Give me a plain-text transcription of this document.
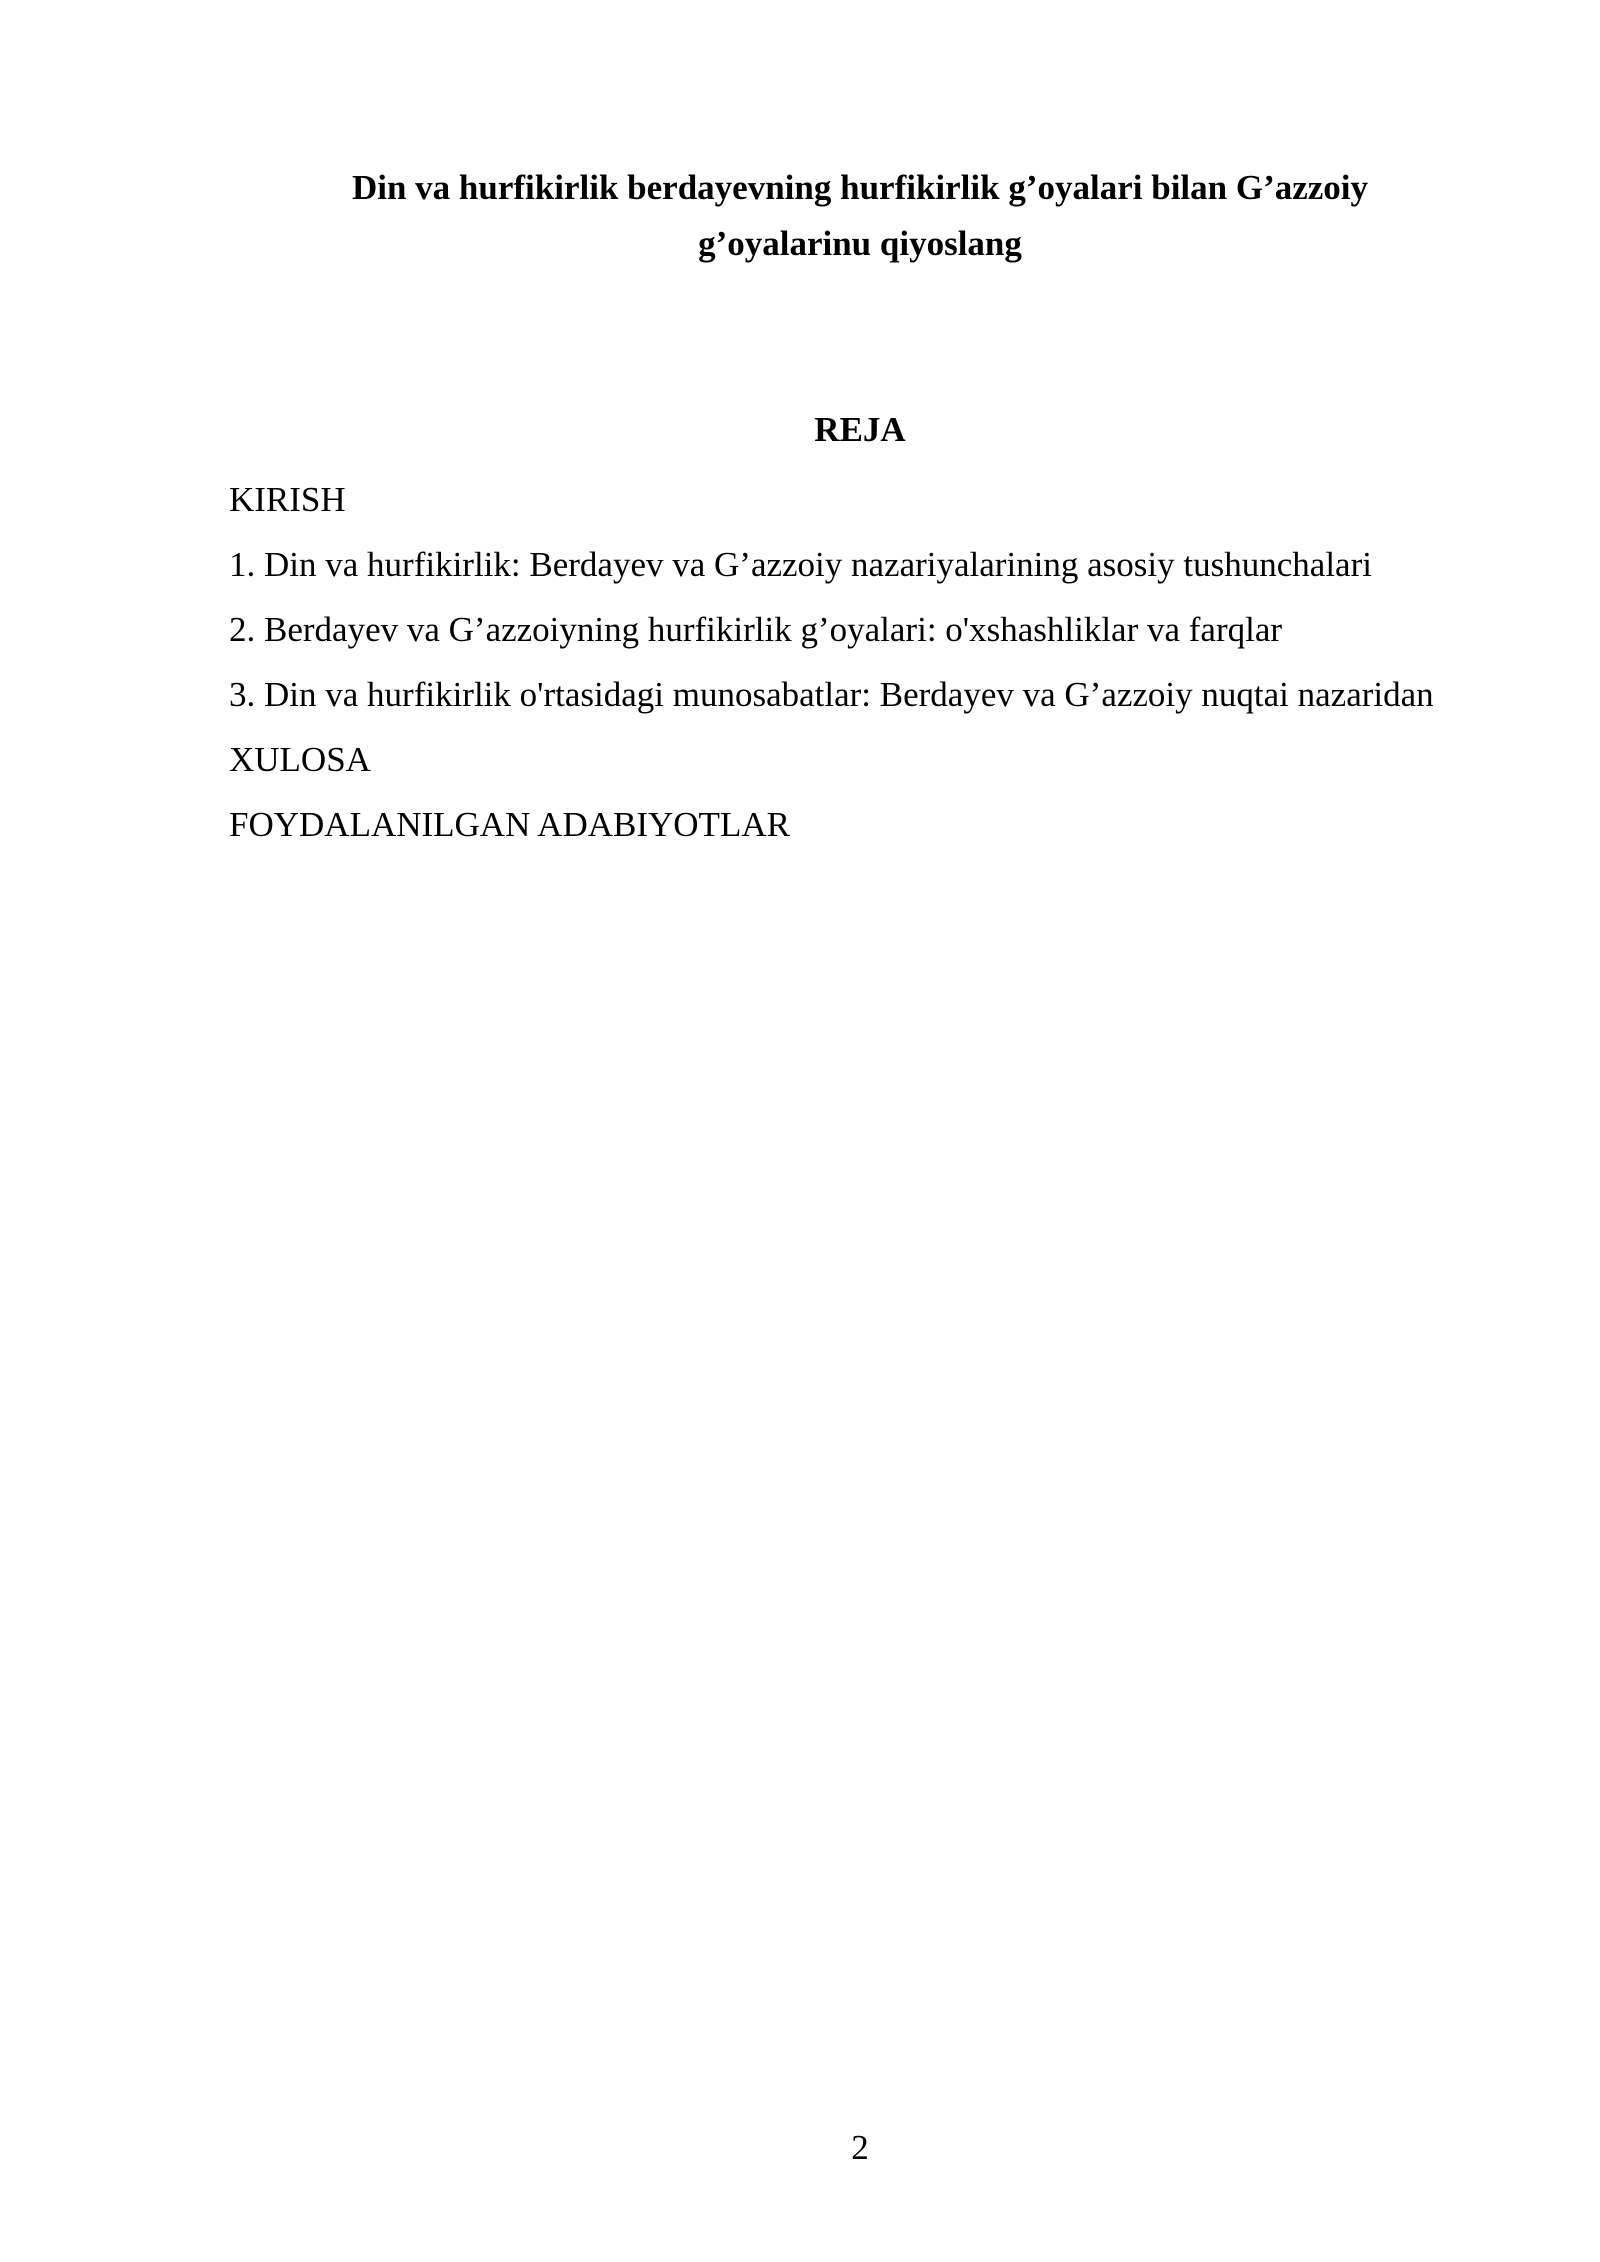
Din va hurfikirlik berdayevning hurfikirlik g’oyalari bilan G’azzoiy
g’oyalarinu qiyoslang
REJA
KIRISH
1. Din va hurfikirlik: Berdayev va G’azzoiy nazariyalarining asosiy tushunchalari
2. Berdayev va G’azzoiyning hurfikirlik g’oyalari: o'xshashliklar va farqlar
3. Din va hurfikirlik o'rtasidagi munosabatlar: Berdayev va G’azzoiy nuqtai nazaridan
XULOSA
FOYDALANILGAN ADABIYOTLAR
2
